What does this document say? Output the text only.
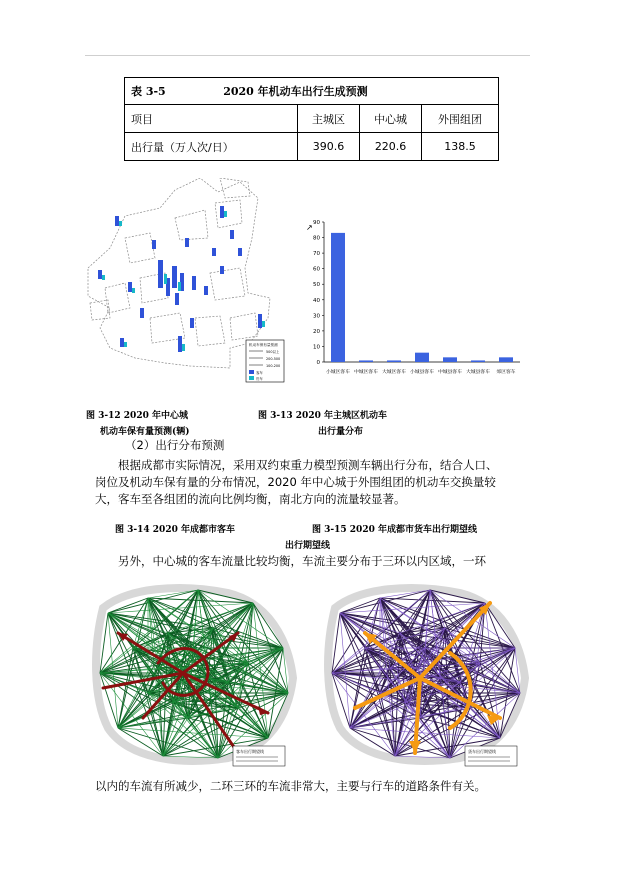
表 3-5 2020 年机动车出行生成预测			
项目	主城区	中心城	外围组团
出行量（万人次/日）	390.6	220.6	138.5
机动车保有量预测
500以上
200-500
100-200
客车
货车
0
10
20
30
40
50
60
70
80
90
小城区客车 中城区客车 大城区客车 小城县客车 中城县客车 大城县客车 郊区客车
↗
图 3-12 2020 年中心城
机动车保有量预测(辆)
图 3-13 2020 年主城区机动车
出行量分布
（2）出行分布预测
根据成都市实际情况，采用双约束重力模型预测车辆出行分布，结合人口、
岗位及机动车保有量的分布情况，2020 年中心城于外围组团的机动车交换量较
大，客车至各组团的流向比例均衡，南北方向的流量较显著。
图 3-14 2020 年成都市客车	图 3-15 2020 年成都市货车出行期望线
出行期望线
另外，中心城的客车流量比较均衡，车流主要分布于三环以内区域，一环
客车出行期望线	货车出行期望线
以内的车流有所减少，二环三环的车流非常大，主要与行车的道路条件有关。
